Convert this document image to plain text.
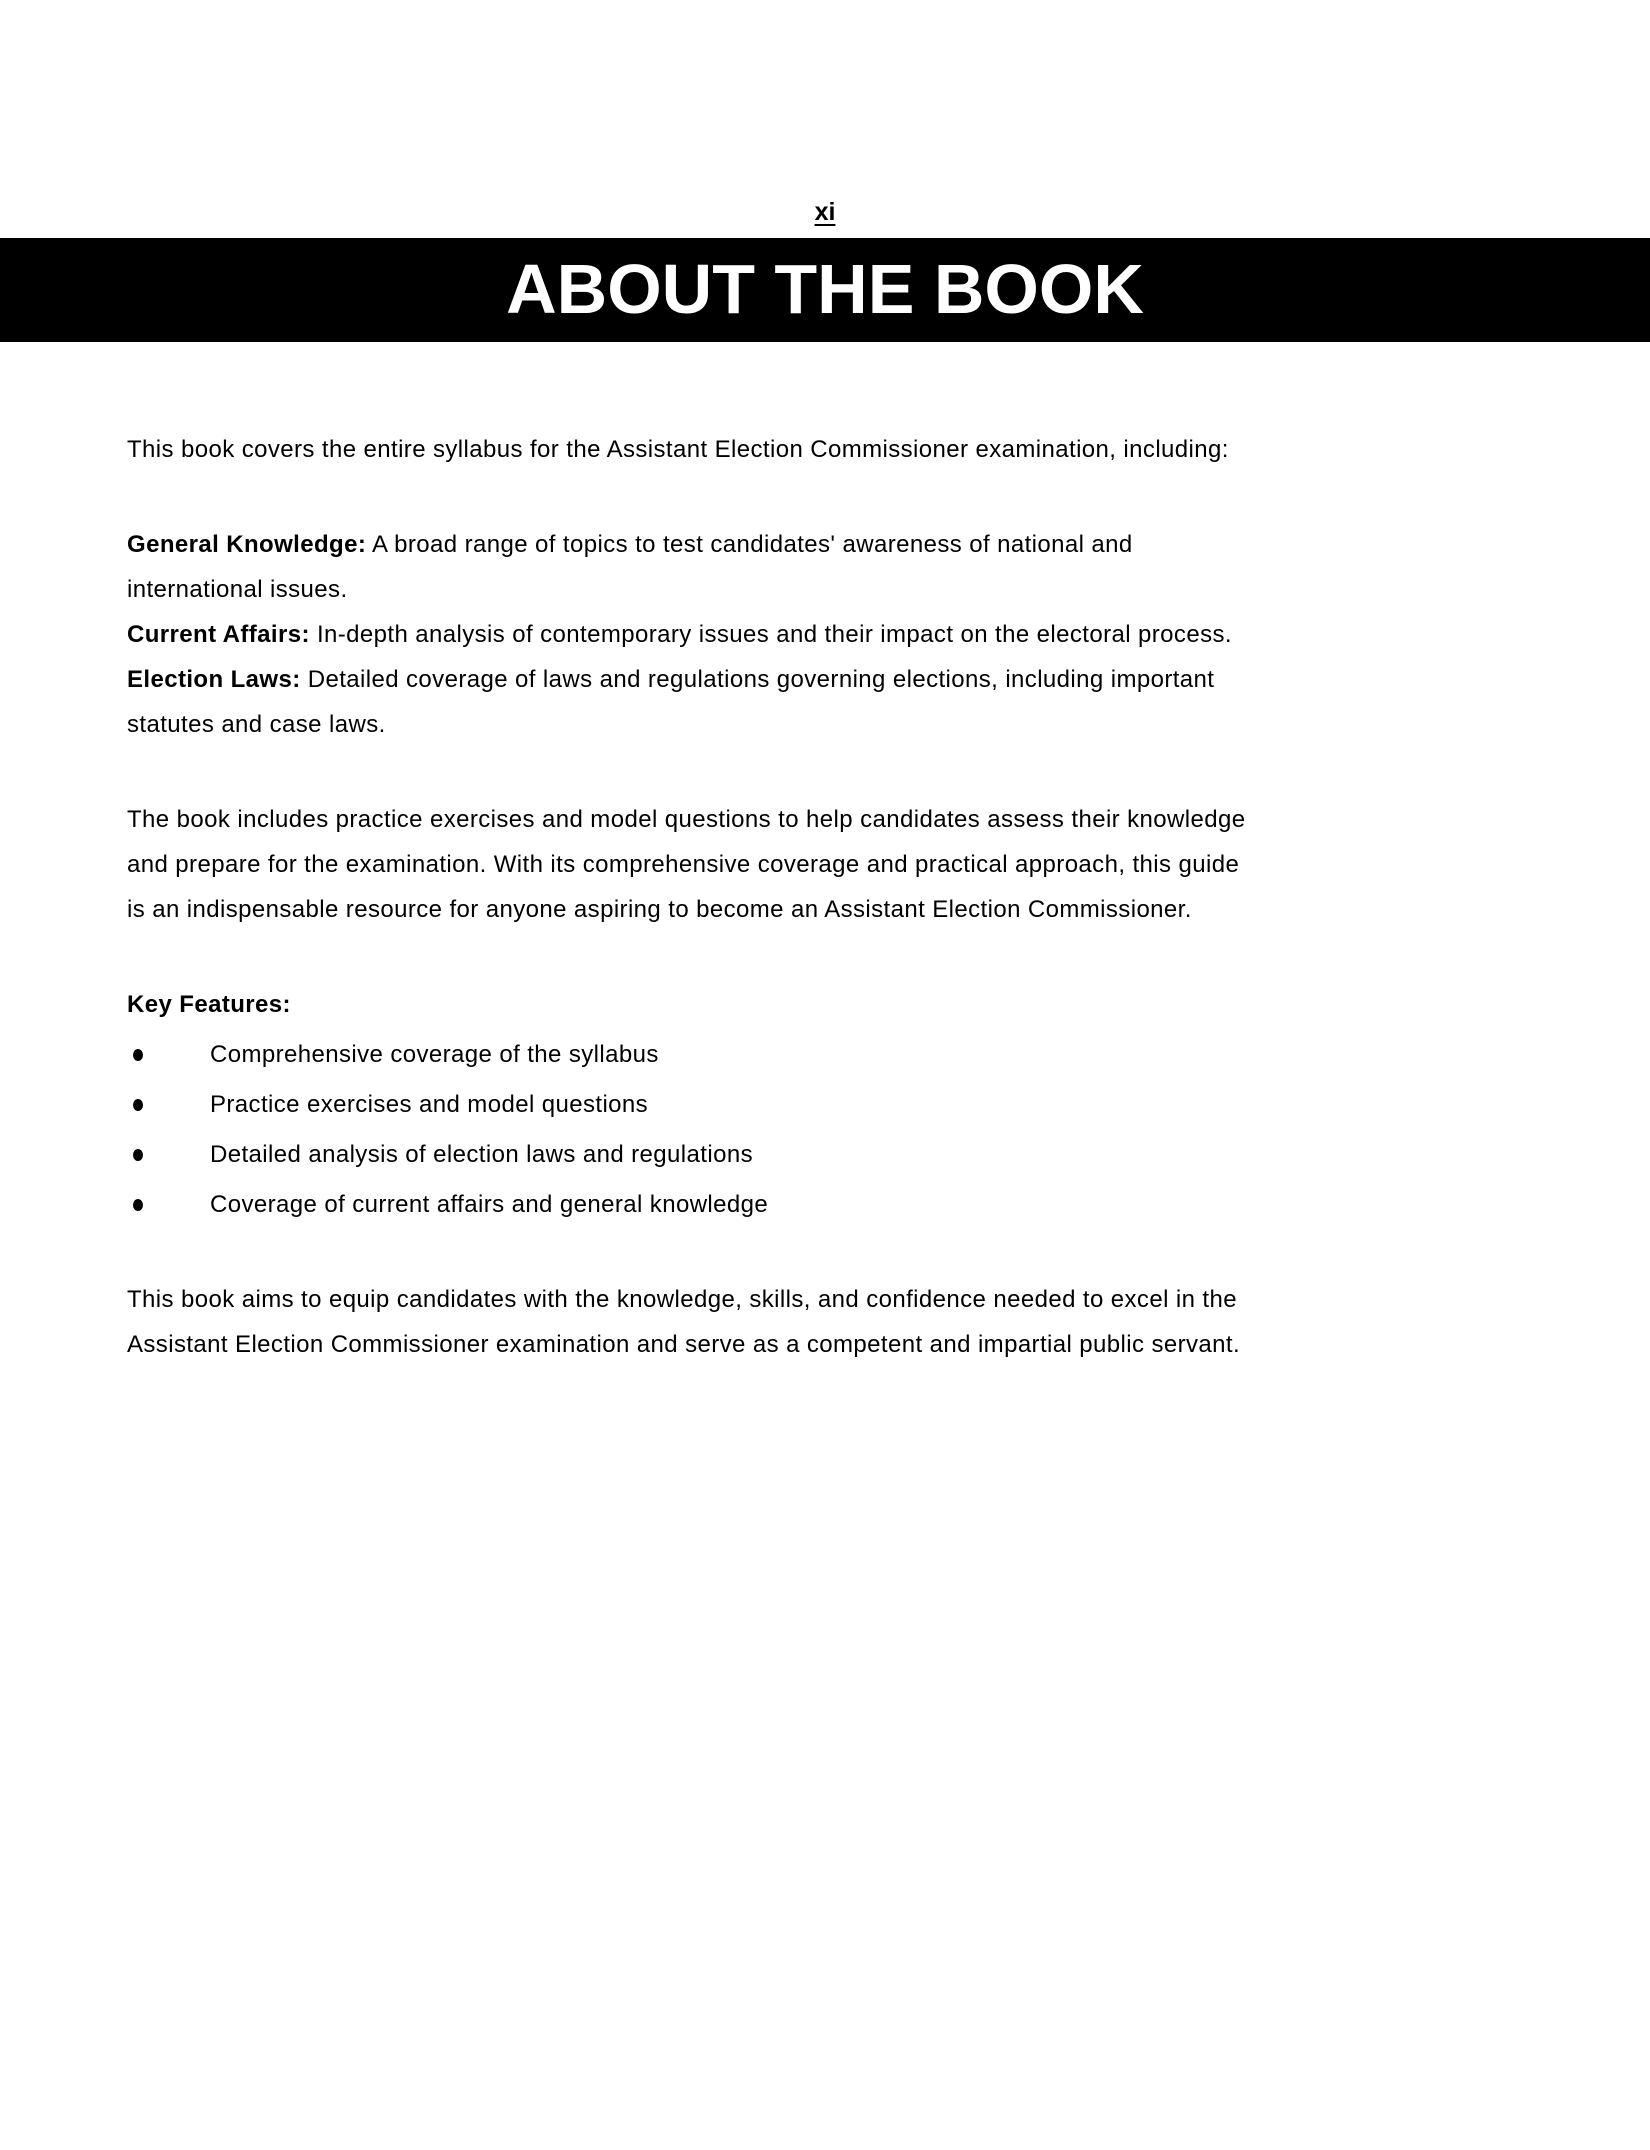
xi
ABOUT THE BOOK
This book covers the entire syllabus for the Assistant Election Commissioner examination, including:
General Knowledge: A broad range of topics to test candidates' awareness of national and
international issues.
Current Affairs: In-depth analysis of contemporary issues and their impact on the electoral process.
Election Laws: Detailed coverage of laws and regulations governing elections, including important
statutes and case laws.
The book includes practice exercises and model questions to help candidates assess their knowledge
and prepare for the examination. With its comprehensive coverage and practical approach, this guide
is an indispensable resource for anyone aspiring to become an Assistant Election Commissioner.
Key Features:
Comprehensive coverage of the syllabus
Practice exercises and model questions
Detailed analysis of election laws and regulations
Coverage of current affairs and general knowledge
This book aims to equip candidates with the knowledge, skills, and confidence needed to excel in the
Assistant Election Commissioner examination and serve as a competent and impartial public servant.
